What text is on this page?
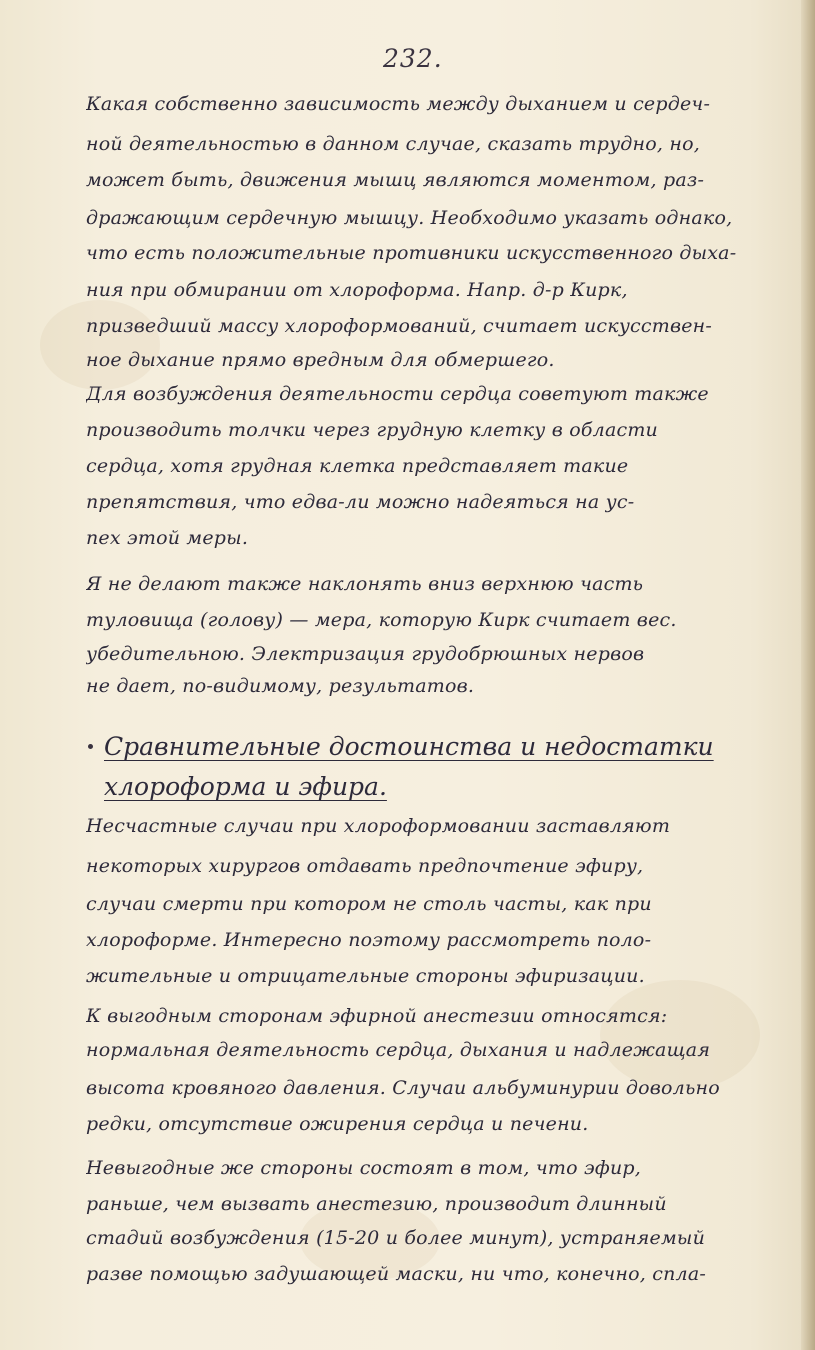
232.
Какая собственно зависимость между дыханием и сердеч-
ной деятельностью в данном случае, сказать трудно, но,
может быть, движения мышц являются моментом, раз-
дражающим сердечную мышцу. Необходимо указать однако,
что есть положительные противники искусственного дыха-
ния при обмирании от хлороформа. Напр. д-р Кирк,
призведший массу хлороформований, считает искусствен-
ное дыхание прямо вредным для обмершего.
Для возбуждения деятельности сердца советуют также
производить толчки через грудную клетку в области
сердца, хотя грудная клетка представляет такие
препятствия, что едва-ли можно надеяться на ус-
пех этой меры.
Я не делают также наклонять вниз верхнюю часть
туловища (голову) — мера, которую Кирк считает вес.
убедительною. Электризация грудобрюшных нервов
не дает, по-видимому, результатов.
Сравнительные достоинства и недостатки
хлороформа и эфира.
Несчастные случаи при хлороформовании заставляют
некоторых хирургов отдавать предпочтение эфиру,
случаи смерти при котором не столь часты, как при
хлороформе. Интересно поэтому рассмотреть поло-
жительные и отрицательные стороны эфиризации.
К выгодным сторонам эфирной анестезии относятся:
нормальная деятельность сердца, дыхания и надлежащая
высота кровяного давления. Случаи альбуминурии довольно
редки, отсутствие ожирения сердца и печени.
Невыгодные же стороны состоят в том, что эфир,
раньше, чем вызвать анестезию, производит длинный
стадий возбуждения (15-20 и более минут), устраняемый
разве помощью задушающей маски, ни что, конечно, спла-
